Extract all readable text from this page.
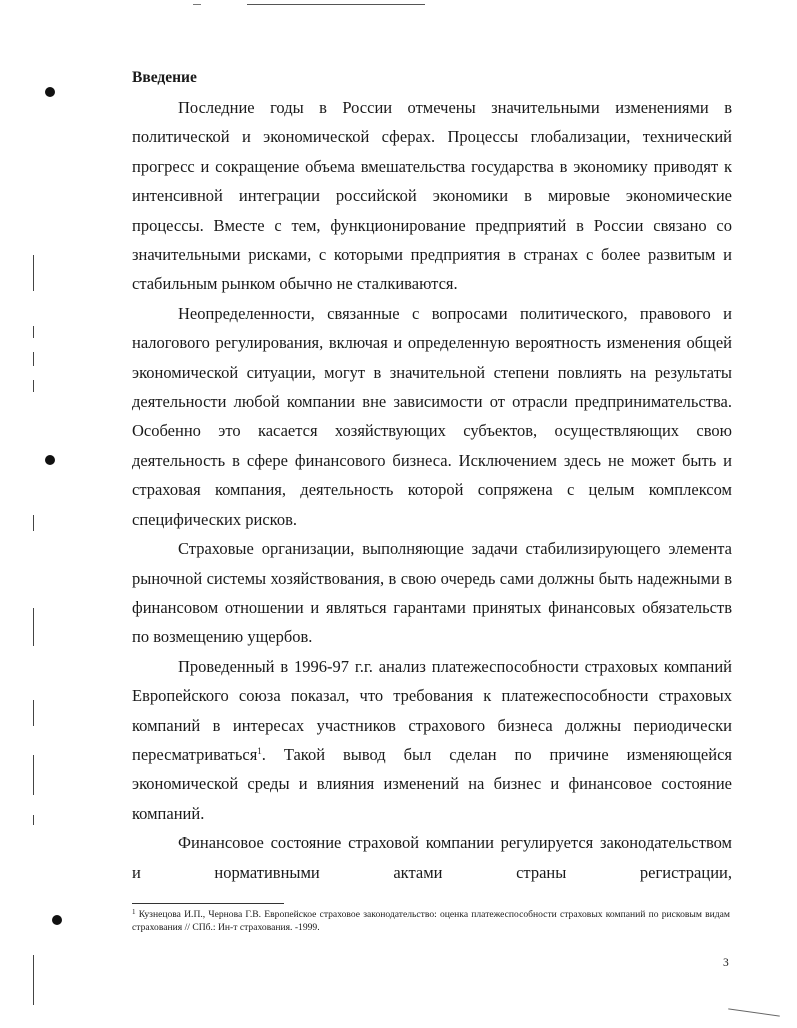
Введение

Последние годы в России отмечены значительными изменениями в политической и экономической сферах. Процессы глобализации, технический прогресс и сокращение объема вмешательства государства в экономику приводят к интенсивной интеграции российской экономики в мировые экономические процессы. Вместе с тем, функционирование предприятий в России связано со значительными рисками, с которыми предприятия в странах с более развитым и стабильным рынком обычно не сталкиваются.

Неопределенности, связанные с вопросами политического, правового и налогового регулирования, включая и определенную вероятность изменения общей экономической ситуации, могут в значительной степени повлиять на результаты деятельности любой компании вне зависимости от отрасли предпринимательства. Особенно это касается хозяйствующих субъектов, осуществляющих свою деятельность в сфере финансового бизнеса. Исключением здесь не может быть и страховая компания, деятельность которой сопряжена с целым комплексом специфических рисков.

Страховые организации, выполняющие задачи стабилизирующего элемента рыночной системы хозяйствования, в свою очередь сами должны быть надежными в финансовом отношении и являться гарантами принятых финансовых обязательств по возмещению ущербов.

Проведенный в 1996-97 г.г. анализ платежеспособности страховых компаний Европейского союза показал, что требования к платежеспособности страховых компаний в интересах участников страхового бизнеса должны периодически пересматриваться$^1$. Такой вывод был сделан по причине изменяющейся экономической среды и влияния изменений на бизнес и финансовое состояние компаний.

Финансовое состояние страховой компании регулируется законодательством и нормативными актами страны регистрации,

$^1$ Кузнецова И.П., Чернова Г.В. Европейское страховое законодательство: оценка платежеспособности страховых компаний по рисковым видам страхования // СПб.: Ин-т страхования. -1999.

3
